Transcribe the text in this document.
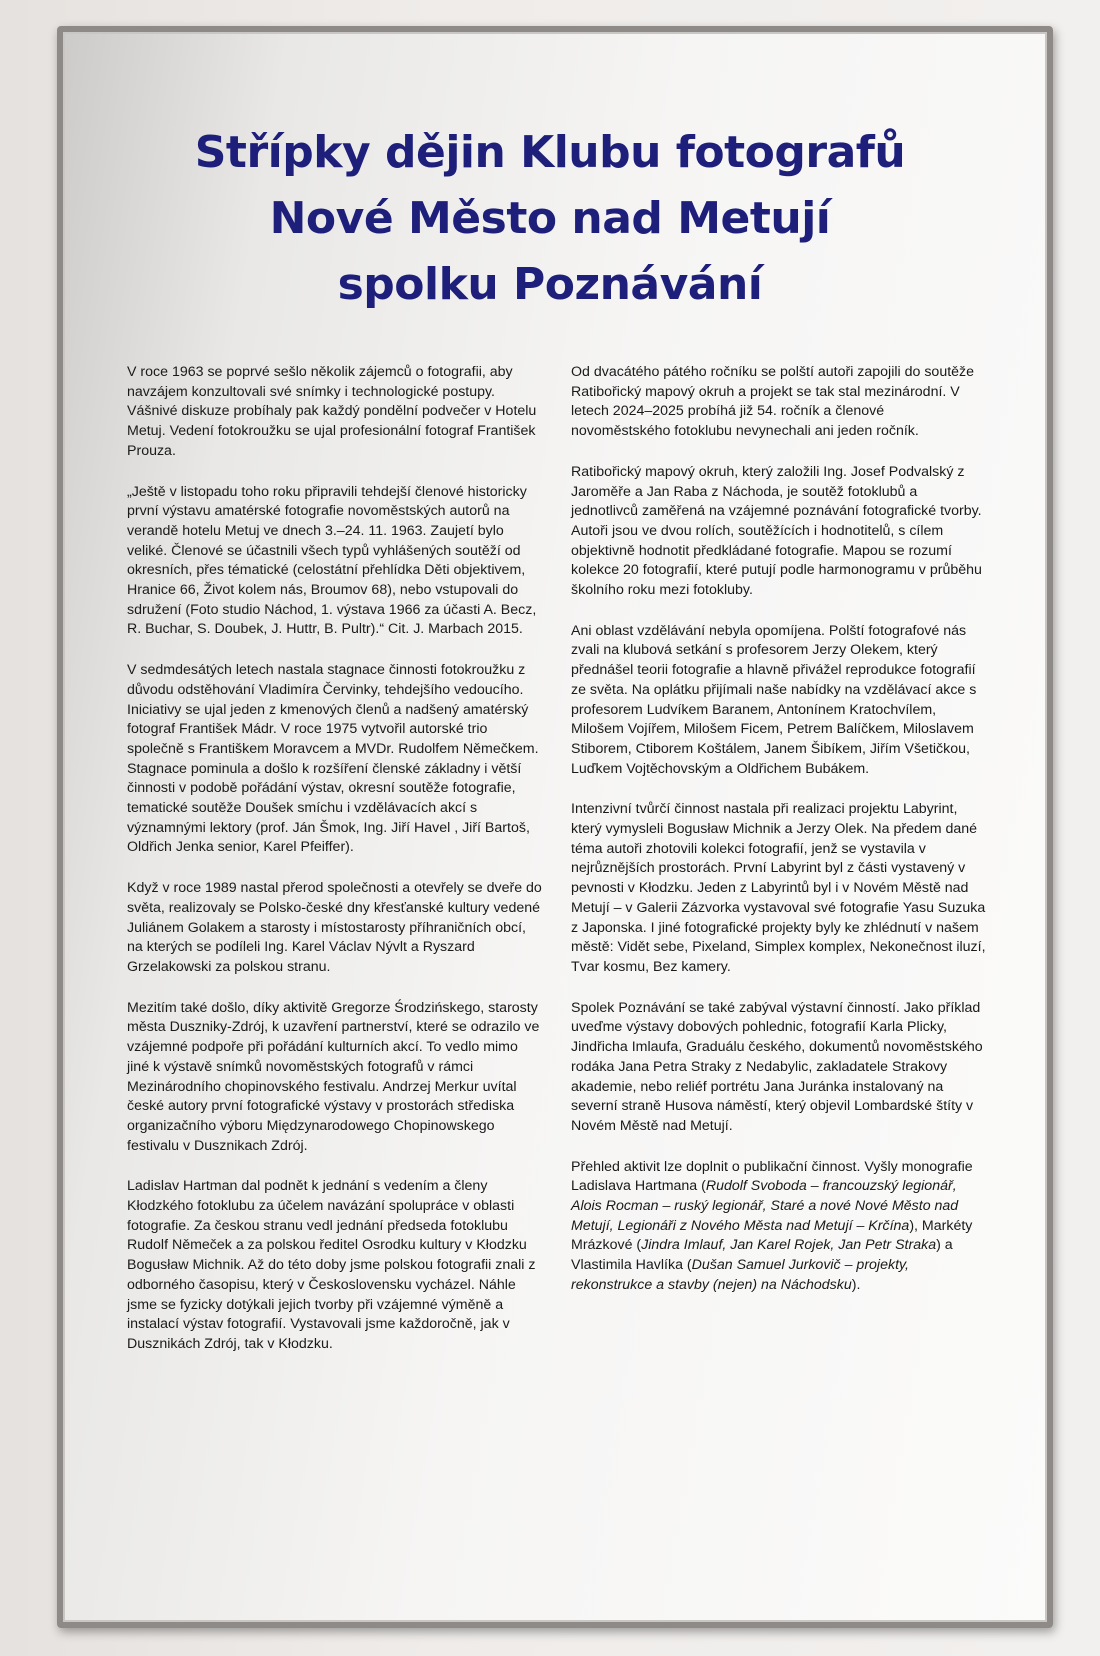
Střípky dějin Klubu fotografů
Nové Město nad Metují
spolku Poznávání

V roce 1963 se poprvé sešlo několik zájemců o fotografii, aby navzájem konzultovali své snímky i technologické postupy. Vášnivé diskuze probíhaly pak každý pondělní podvečer v Hotelu Metuj. Vedení fotokroužku se ujal profesionální fotograf František Prouza.

„Ještě v listopadu toho roku připravili tehdejší členové historicky první výstavu amatérské fotografie novoměstských autorů na verandě hotelu Metuj ve dnech 3.–24. 11. 1963. Zaujetí bylo veliké. Členové se účastnili všech typů vyhlášených soutěží od okresních, přes tématické (celostátní přehlídka Děti objektivem, Hranice 66, Život kolem nás, Broumov 68), nebo vstupovali do sdružení (Foto studio Náchod, 1. výstava 1966 za účasti A. Becz, R. Buchar, S. Doubek, J. Huttr, B. Pultr).“ Cit. J. Marbach 2015.

V sedmdesátých letech nastala stagnace činnosti fotokroužku z důvodu odstěhování Vladimíra Červinky, tehdejšího vedoucího. Iniciativy se ujal jeden z kmenových členů a nadšený amatérský fotograf František Mádr. V roce 1975 vytvořil autorské trio společně s Františkem Moravcem a MVDr. Rudolfem Němečkem. Stagnace pominula a došlo k rozšíření členské základny i větší činnosti v podobě pořádání výstav, okresní soutěže fotografie, tematické soutěže Doušek smíchu i vzdělávacích akcí s významnými lektory (prof. Ján Šmok, Ing. Jiří Havel , Jiří Bartoš, Oldřich Jenka senior, Karel Pfeiffer).

Když v roce 1989 nastal přerod společnosti a otevřely se dveře do světa, realizovaly se Polsko-české dny křesťanské kultury vedené Juliánem Golakem a starosty i místostarosty příhraničních obcí, na kterých se podíleli Ing. Karel Václav Nývlt a Ryszard Grzelakowski za polskou stranu.

Mezitím také došlo, díky aktivitě Gregorze Środzińskego, starosty města Duszniky-Zdrój, k uzavření partnerství, které se odrazilo ve vzájemné podpoře při pořádání kulturních akcí. To vedlo mimo jiné k výstavě snímků novoměstských fotografů v rámci Mezinárodního chopinovského festivalu. Andrzej Merkur uvítal české autory první fotografické výstavy v prostorách střediska organizačního výboru Międzynarodowego Chopinowskego festivalu v Dusznikach Zdrój.

Ladislav Hartman dal podnět k jednání s vedením a členy Kłodzkého fotoklubu za účelem navázání spolupráce v oblasti fotografie. Za českou stranu vedl jednání předseda fotoklubu Rudolf Němeček a za polskou ředitel Osrodku kultury v Kłodzku Bogusław Michnik. Až do této doby jsme polskou fotografii znali z odborného časopisu, který v Československu vycházel. Náhle jsme se fyzicky dotýkali jejich tvorby při vzájemné výměně a instalací výstav fotografií. Vystavovali jsme každoročně, jak v Dusznikách Zdrój, tak v Kłodzku.

Od dvacátého pátého ročníku se polští autoři zapojili do soutěže Ratibořický mapový okruh a projekt se tak stal mezinárodní. V letech 2024–2025 probíhá již 54. ročník a členové novoměstského fotoklubu nevynechali ani jeden ročník.

Ratibořický mapový okruh, který založili Ing. Josef Podvalský z Jaroměře a Jan Raba z Náchoda, je soutěž fotoklubů a jednotlivců zaměřená na vzájemné poznávání fotografické tvorby. Autoři jsou ve dvou rolích, soutěžících i hodnotitelů, s cílem objektivně hodnotit předkládané fotografie. Mapou se rozumí kolekce 20 fotografií, které putují podle harmonogramu v průběhu školního roku mezi fotokluby.

Ani oblast vzdělávání nebyla opomíjena. Polští fotografové nás zvali na klubová setkání s profesorem Jerzy Olekem, který přednášel teorii fotografie a hlavně přivážel reprodukce fotografií ze světa. Na oplátku přijímali naše nabídky na vzdělávací akce s profesorem Ludvíkem Baranem, Antonínem Kratochvílem, Milošem Vojířem, Milošem Ficem, Petrem Balíčkem, Miloslavem Stiborem, Ctiborem Koštálem, Janem Šibíkem, Jiřím Všetičkou, Luďkem Vojtěchovským a Oldřichem Bubákem.

Intenzivní tvůrčí činnost nastala při realizaci projektu Labyrint, který vymysleli Bogusław Michnik a Jerzy Olek. Na předem dané téma autoři zhotovili kolekci fotografií, jenž se vystavila v nejrůznějších prostorách. První Labyrint byl z části vystavený v pevnosti v Kłodzku. Jeden z Labyrintů byl i v Novém Městě nad Metují – v Galerii Zázvorka vystavoval své fotografie Yasu Suzuka z Japonska. I jiné fotografické projekty byly ke zhlédnutí v našem městě: Vidět sebe, Pixeland, Simplex komplex, Nekonečnost iluzí, Tvar kosmu, Bez kamery.

Spolek Poznávání se také zabýval výstavní činností. Jako příklad uveďme výstavy dobových pohlednic, fotografií Karla Plicky, Jindřicha Imlaufa, Graduálu českého, dokumentů novoměstského rodáka Jana Petra Straky z Nedabylic, zakladatele Strakovy akademie, nebo reliéf portrétu Jana Juránka instalovaný na severní straně Husova náměstí, který objevil Lombardské štíty v Novém Městě nad Metují.

Přehled aktivit lze doplnit o publikační činnost. Vyšly monografie Ladislava Hartmana (Rudolf Svoboda – francouzský legionář, Alois Rocman – ruský legionář, Staré a nové Nové Město nad Metují, Legionáři z Nového Města nad Metují – Krčína), Markéty Mrázkové (Jindra Imlauf, Jan Karel Rojek, Jan Petr Straka) a Vlastimila Havlíka (Dušan Samuel Jurkovič – projekty, rekonstrukce a stavby (nejen) na Náchodsku).
